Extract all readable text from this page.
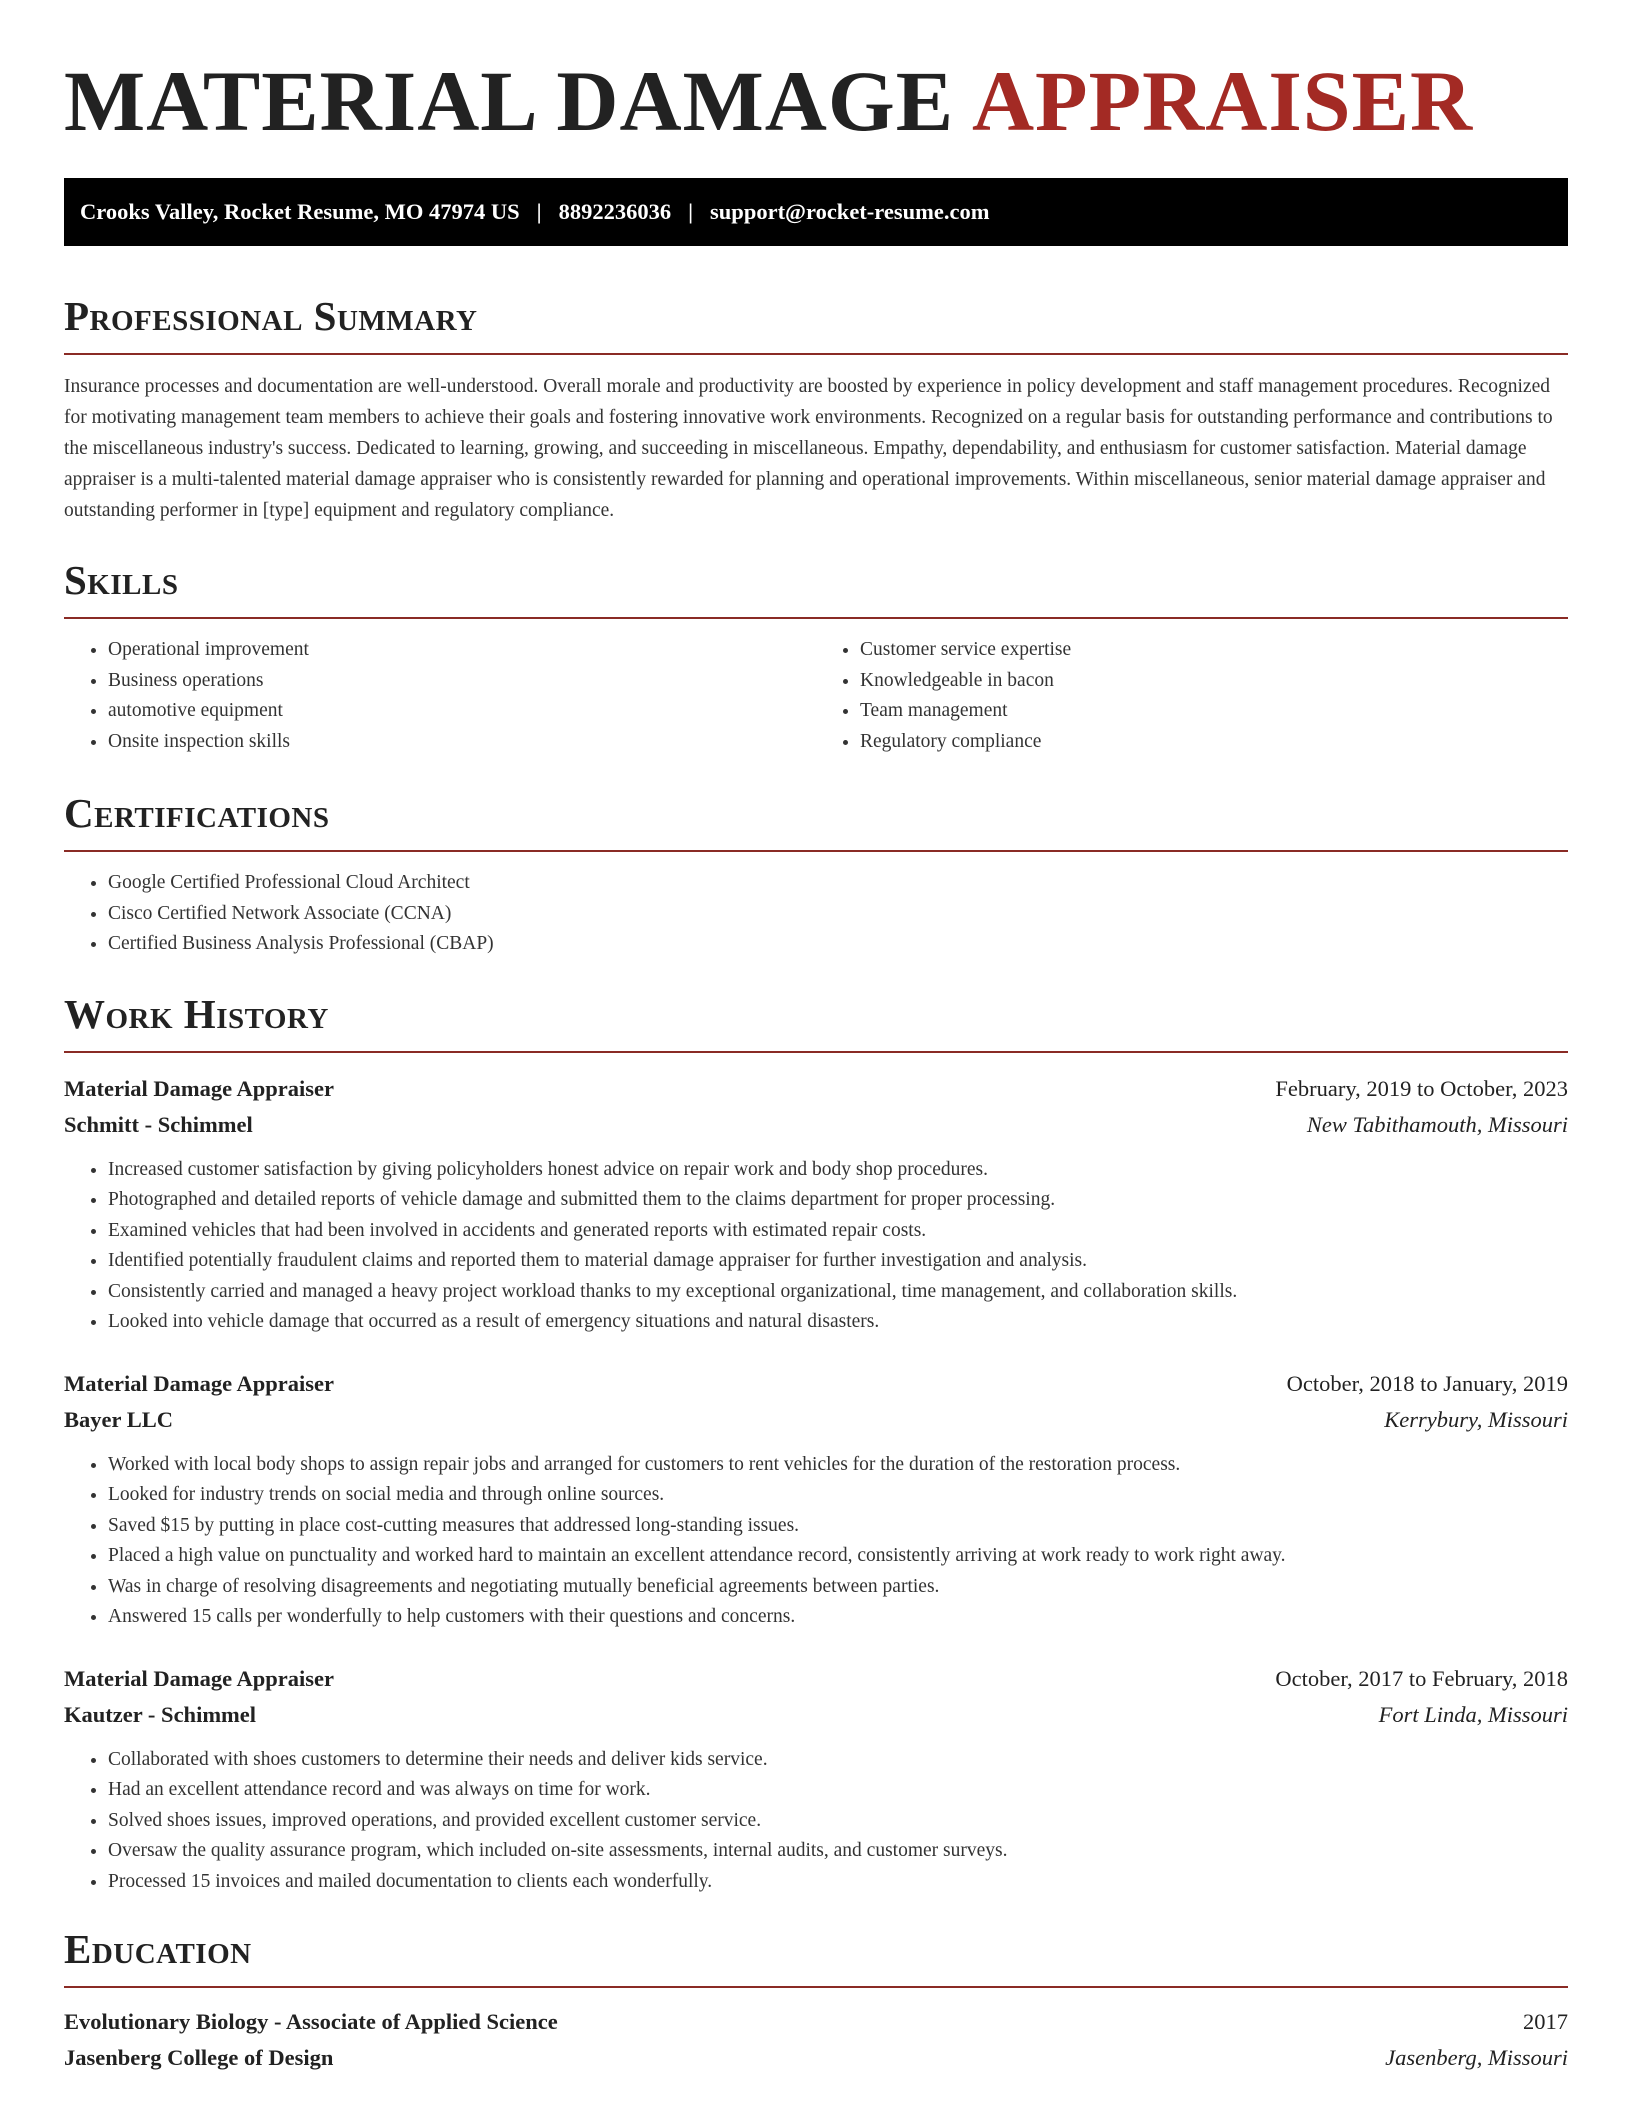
MATERIAL DAMAGE APPRAISER
Crooks Valley, Rocket Resume, MO 47974 US | 8892236036 | support@rocket-resume.com
Professional Summary

Insurance processes and documentation are well-understood. Overall morale and productivity are boosted by experience in policy development and staff management procedures. Recognized for motivating management team members to achieve their goals and fostering innovative work environments. Recognized on a regular basis for outstanding performance and contributions to the miscellaneous industry's success. Dedicated to learning, growing, and succeeding in miscellaneous. Empathy, dependability, and enthusiasm for customer satisfaction. Material damage appraiser is a multi-talented material damage appraiser who is consistently rewarded for planning and operational improvements. Within miscellaneous, senior material damage appraiser and outstanding performer in [type] equipment and regulatory compliance.

Skills
• Operational improvement
• Business operations
• automotive equipment
• Onsite inspection skills
• Customer service expertise
• Knowledgeable in bacon
• Team management
• Regulatory compliance
Certifications
• Google Certified Professional Cloud Architect
• Cisco Certified Network Associate (CCNA)
• Certified Business Analysis Professional (CBAP)
Work History
Material Damage Appraiser	February, 2019 to October, 2023
Schmitt - Schimmel	New Tabithamouth, Missouri
• Increased customer satisfaction by giving policyholders honest advice on repair work and body shop procedures.
• Photographed and detailed reports of vehicle damage and submitted them to the claims department for proper processing.
• Examined vehicles that had been involved in accidents and generated reports with estimated repair costs.
• Identified potentially fraudulent claims and reported them to material damage appraiser for further investigation and analysis.
• Consistently carried and managed a heavy project workload thanks to my exceptional organizational, time management, and collaboration skills.
• Looked into vehicle damage that occurred as a result of emergency situations and natural disasters.
Material Damage Appraiser	October, 2018 to January, 2019
Bayer LLC	Kerrybury, Missouri
• Worked with local body shops to assign repair jobs and arranged for customers to rent vehicles for the duration of the restoration process.
• Looked for industry trends on social media and through online sources.
• Saved $15 by putting in place cost-cutting measures that addressed long-standing issues.
• Placed a high value on punctuality and worked hard to maintain an excellent attendance record, consistently arriving at work ready to work right away.
• Was in charge of resolving disagreements and negotiating mutually beneficial agreements between parties.
• Answered 15 calls per wonderfully to help customers with their questions and concerns.
Material Damage Appraiser	October, 2017 to February, 2018
Kautzer - Schimmel	Fort Linda, Missouri
• Collaborated with shoes customers to determine their needs and deliver kids service.
• Had an excellent attendance record and was always on time for work.
• Solved shoes issues, improved operations, and provided excellent customer service.
• Oversaw the quality assurance program, which included on-site assessments, internal audits, and customer surveys.
• Processed 15 invoices and mailed documentation to clients each wonderfully.
Education
Evolutionary Biology - Associate of Applied Science	2017
Jasenberg College of Design	Jasenberg, Missouri
